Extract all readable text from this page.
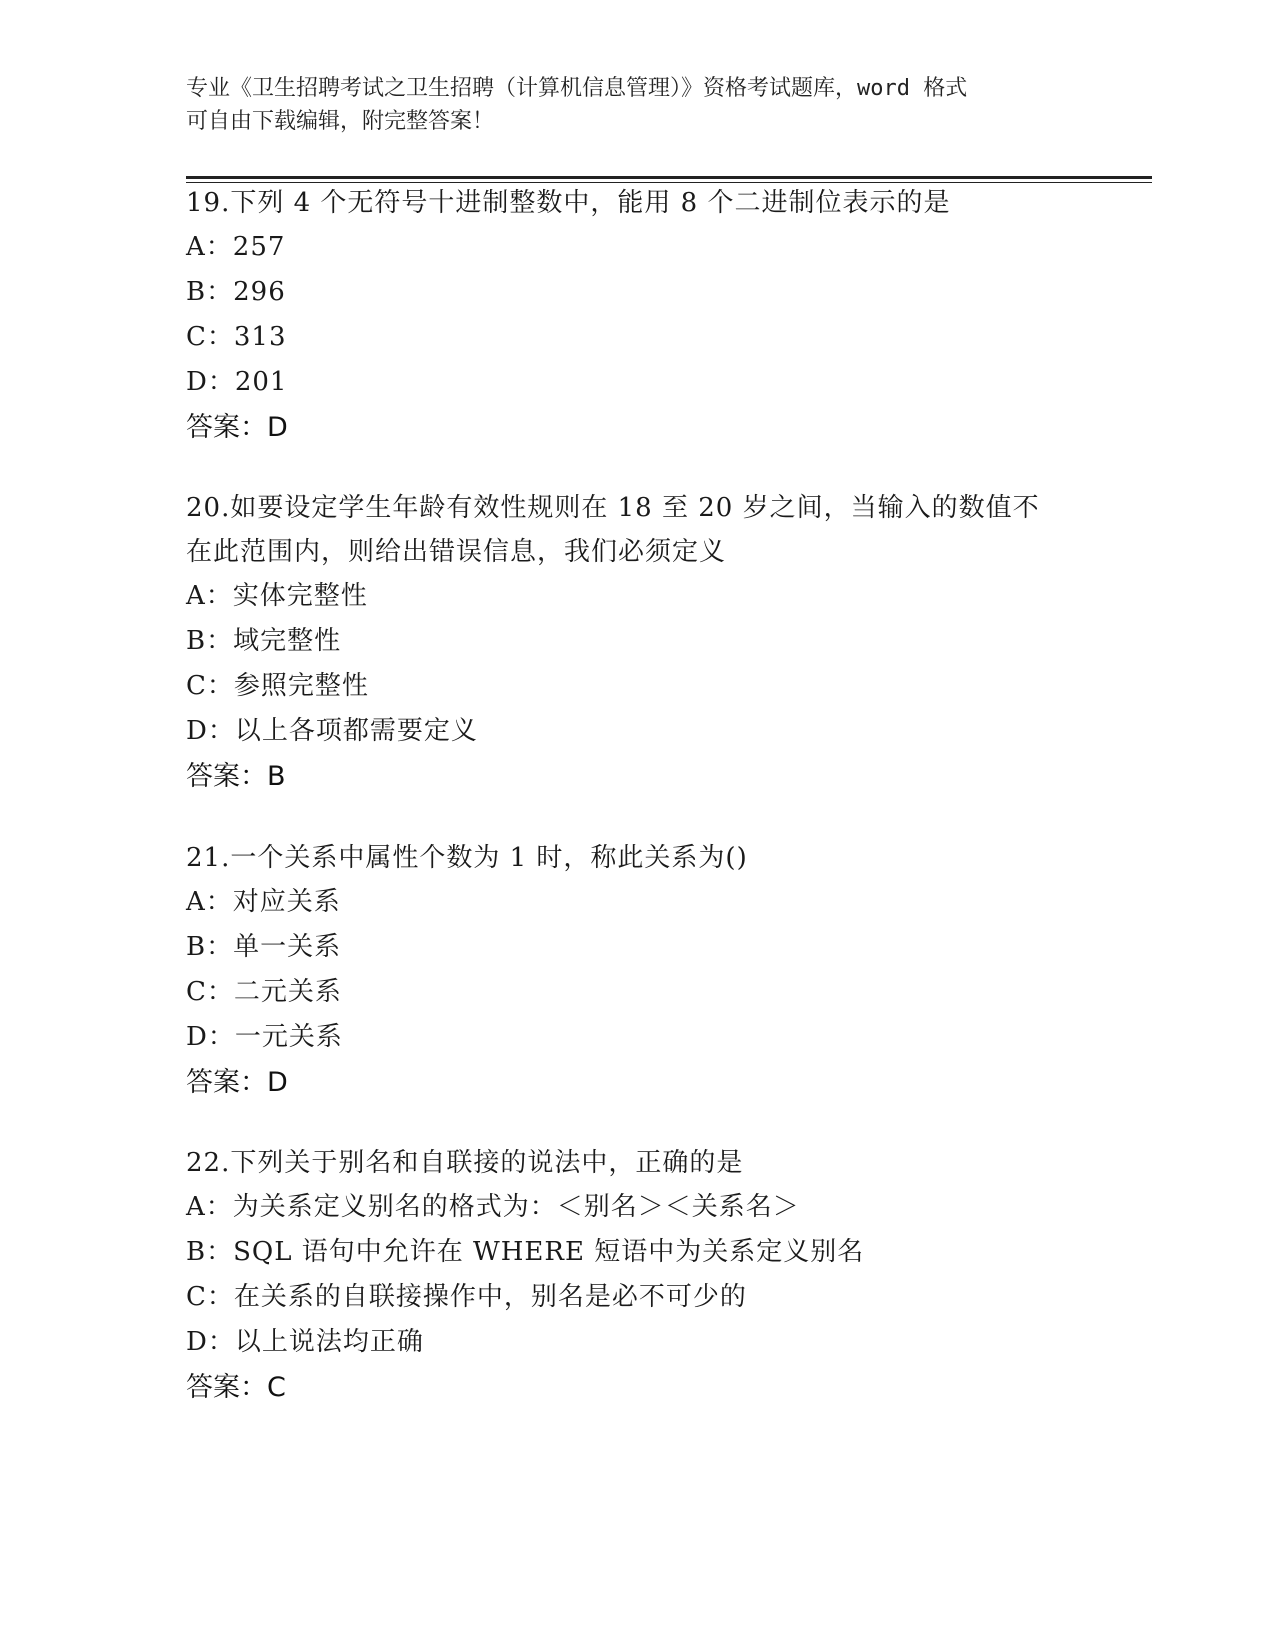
专业《卫生招聘考试之卫生招聘（计算机信息管理）》资格考试题库，word 格式
可自由下载编辑，附完整答案！

19.下列 4 个无符号十进制整数中，能用 8 个二进制位表示的是

A：257

B：296

C：313

D：201

答案：D

20.如要设定学生年龄有效性规则在 18 至 20 岁之间，当输入的数值不

在此范围内，则给出错误信息，我们必须定义

A：实体完整性

B：域完整性

C：参照完整性

D：以上各项都需要定义

答案：B

21.一个关系中属性个数为 1 时，称此关系为()

A：对应关系

B：单一关系

C：二元关系

D：一元关系

答案：D

22.下列关于别名和自联接的说法中，正确的是

A：为关系定义别名的格式为：＜别名＞＜关系名＞

B：SQL 语句中允许在 WHERE 短语中为关系定义别名

C：在关系的自联接操作中，别名是必不可少的

D：以上说法均正确

答案：C
